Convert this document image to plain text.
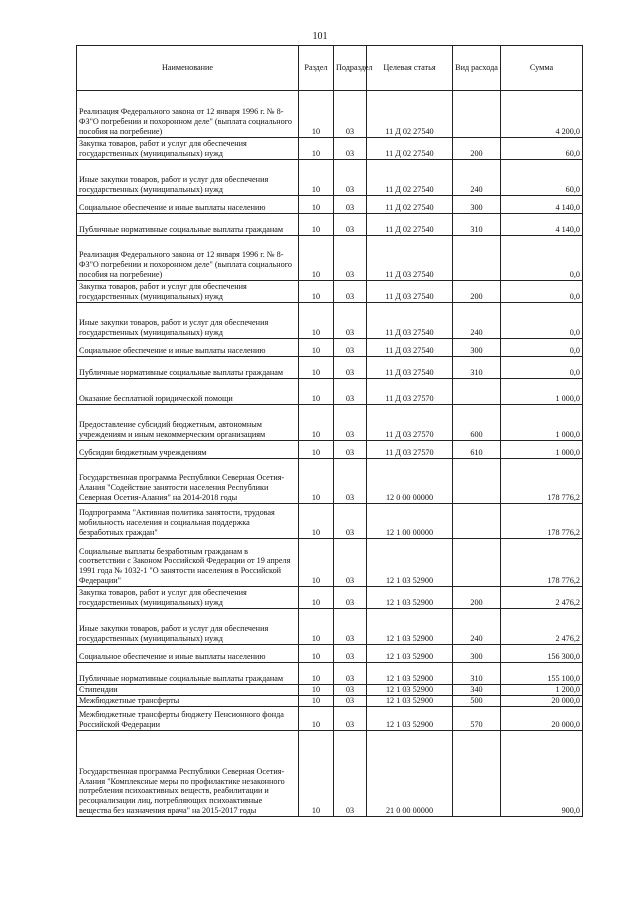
101
Наименование	Раздел	Подраздел	Целевая статья	Вид расхода	Сумма
Реализация Федерального закона от 12 января 1996 г. № 8-ФЗ"О погребении и похоронном деле" (выплата социального пособия на погребение)	10	03	11 Д 02 27540		4 200,0
Закупка товаров, работ и услуг для обеспечения государственных (муниципальных) нужд	10	03	11 Д 02 27540	200	60,0
Иные закупки товаров, работ и услуг для обеспечения государственных (муниципальных) нужд	10	03	11 Д 02 27540	240	60,0
Социальное обеспечение и иные выплаты населению	10	03	11 Д 02 27540	300	4 140,0
Публичные нормативные социальные выплаты гражданам	10	03	11 Д 02 27540	310	4 140,0
Реализация Федерального закона от 12 января 1996 г. № 8-ФЗ"О погребении и похоронном деле" (выплата социального пособия на погребение)	10	03	11 Д 03 27540		0,0
Закупка товаров, работ и услуг для обеспечения государственных (муниципальных) нужд	10	03	11 Д 03 27540	200	0,0
Иные закупки товаров, работ и услуг для обеспечения государственных (муниципальных) нужд	10	03	11 Д 03 27540	240	0,0
Социальное обеспечение и иные выплаты населению	10	03	11 Д 03 27540	300	0,0
Публичные нормативные социальные выплаты гражданам	10	03	11 Д 03 27540	310	0,0
Оказание бесплатной юридической помощи	10	03	11 Д 03 27570		1 000,0
Предоставление субсидий бюджетным, автономным учреждениям и иным некоммерческим организациям	10	03	11 Д 03 27570	600	1 000,0
Субсидии бюджетным учреждениям	10	03	11 Д 03 27570	610	1 000,0
Государственная программа Республики Северная Осетия-Алания "Содействие занятости населения Республики Северная Осетия-Алания" на 2014-2018 годы	10	03	12 0 00 00000		178 776,2
Подпрограмма "Активная политика занятости, трудовая мобильность населения и социальная поддержка безработных граждан"	10	03	12 1 00 00000		178 776,2
Социальные выплаты безработным гражданам в соответствии с Законом Российской Федерации от 19 апреля 1991 года № 1032-1 "О занятости населения в Российской Федерации"	10	03	12 1 03 52900		178 776,2
Закупка товаров, работ и услуг для обеспечения государственных (муниципальных) нужд	10	03	12 1 03 52900	200	2 476,2
Иные закупки товаров, работ и услуг для обеспечения государственных (муниципальных) нужд	10	03	12 1 03 52900	240	2 476,2
Социальное обеспечение и иные выплаты населению	10	03	12 1 03 52900	300	156 300,0
Публичные нормативные социальные выплаты гражданам	10	03	12 1 03 52900	310	155 100,0
Стипендии	10	03	12 1 03 52900	340	1 200,0
Межбюджетные трансферты	10	03	12 1 03 52900	500	20 000,0
Межбюджетные трансферты бюджету Пенсионного фонда Российской Федерации	10	03	12 1 03 52900	570	20 000,0
Государственная программа Республики Северная Осетия-Алания "Комплексные меры по профилактике незаконного потребления психоактивных веществ, реабилитации и ресоциализации лиц, потребляющих психоактивные вещества без назначения врача" на 2015-2017 годы	10	03	21 0 00 00000		900,0
